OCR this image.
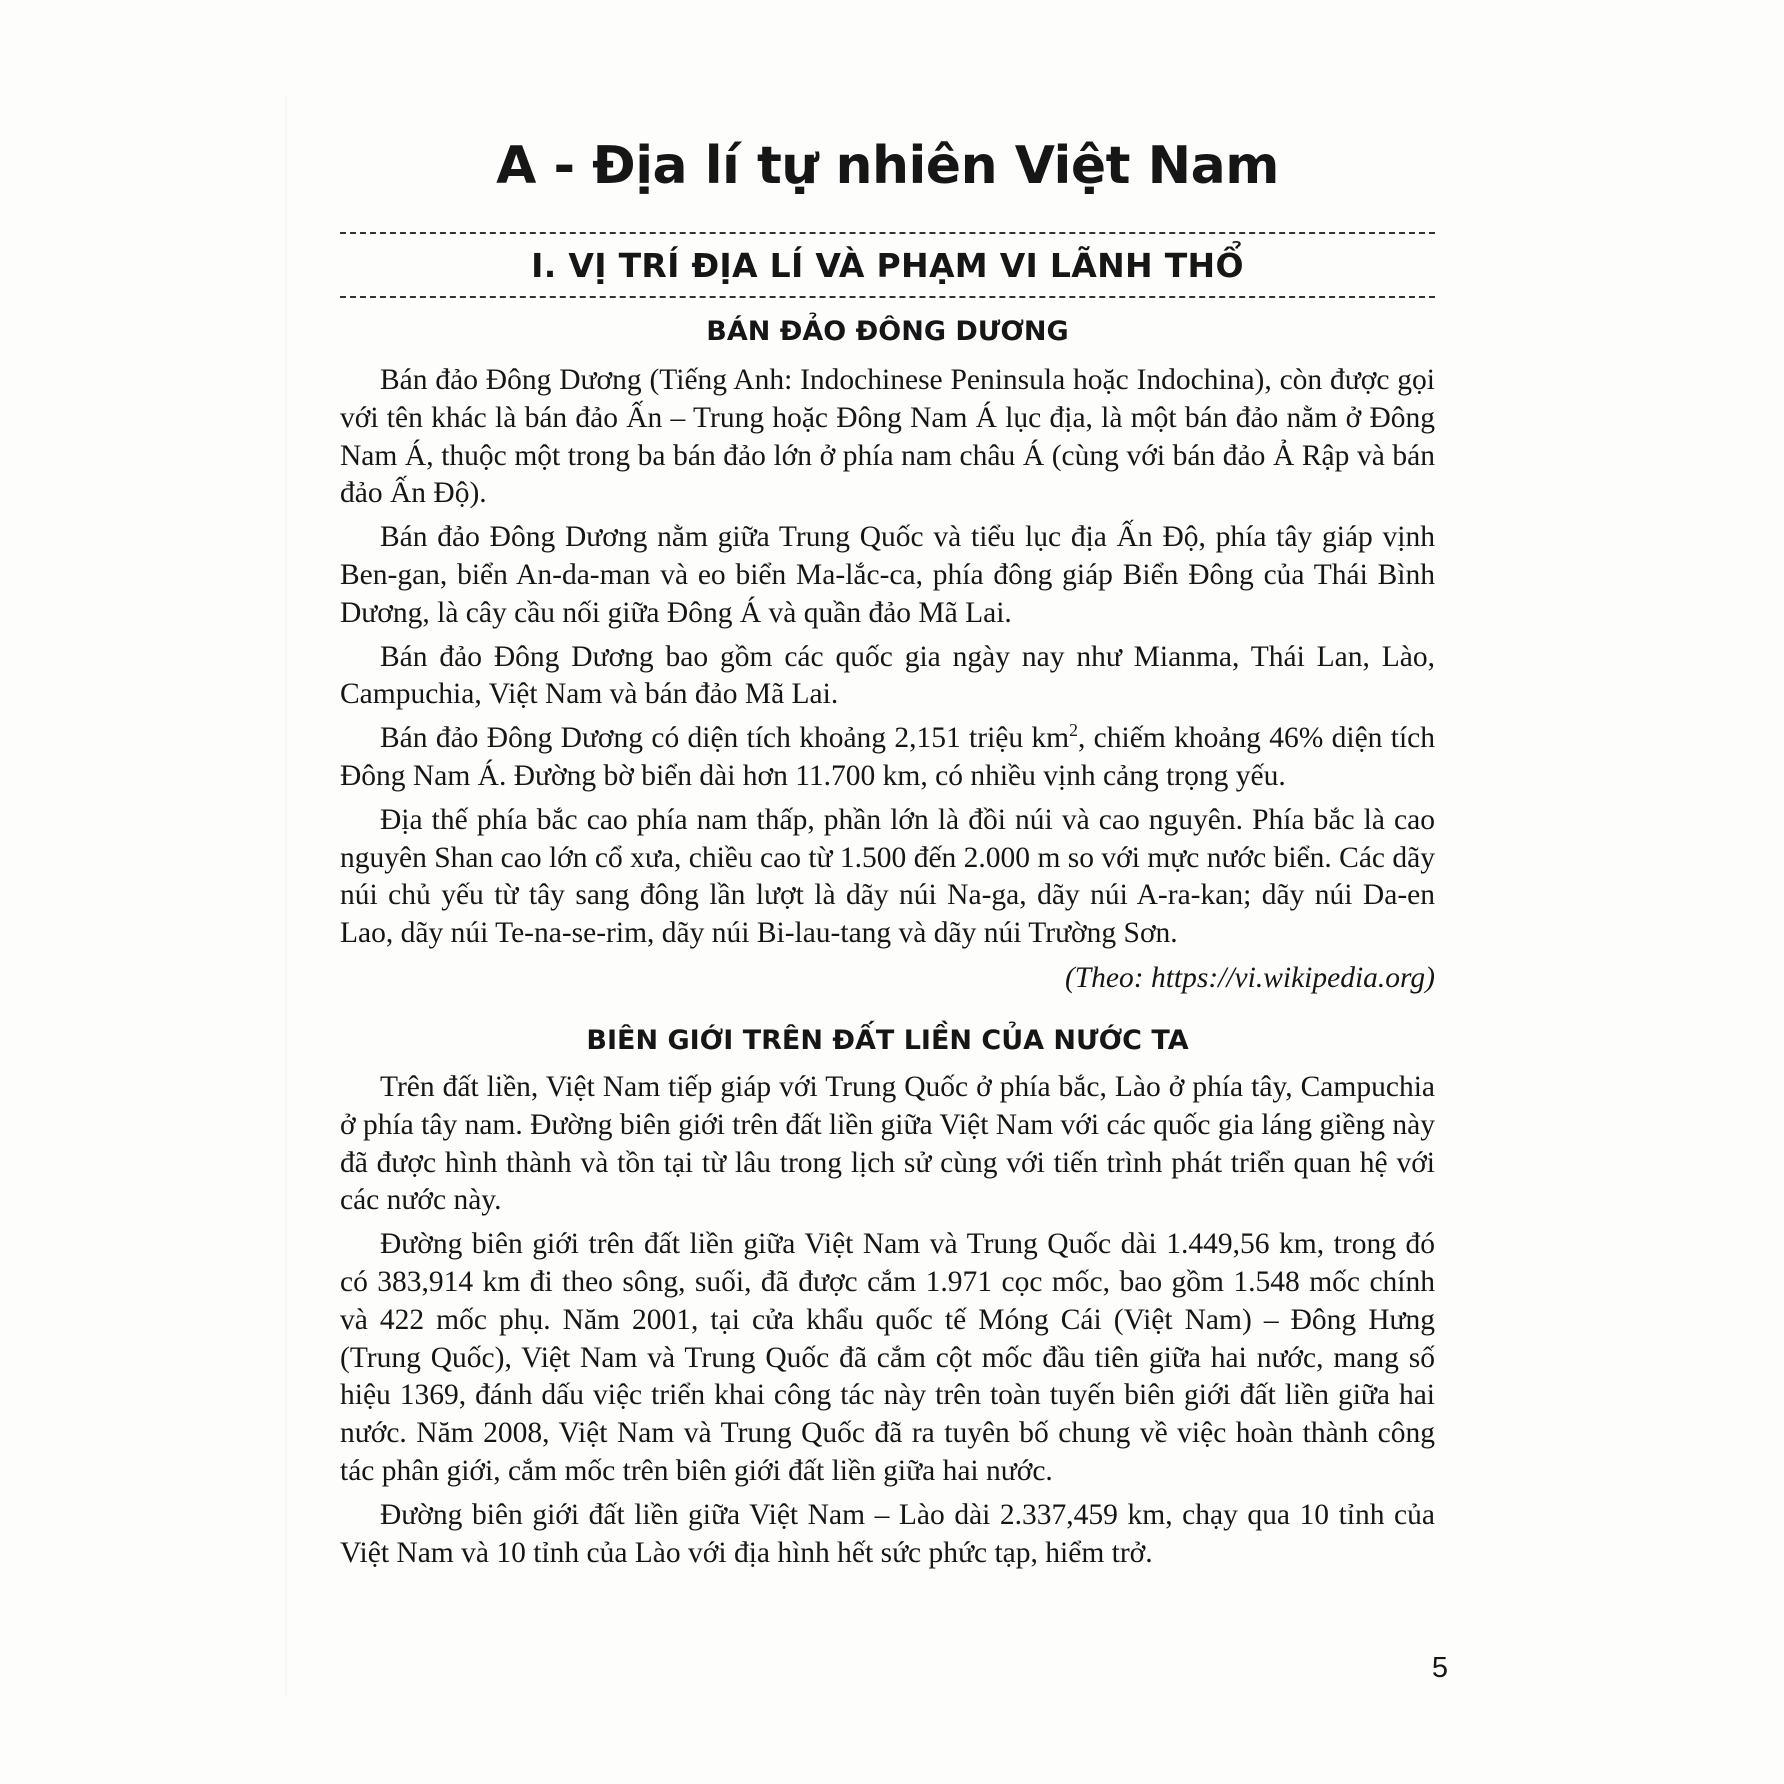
A - Địa lí tự nhiên Việt Nam
I. VỊ TRÍ ĐỊA LÍ VÀ PHẠM VI LÃNH THỔ
BÁN ĐẢO ĐÔNG DƯƠNG

Bán đảo Đông Dương (Tiếng Anh: Indochinese Peninsula hoặc Indochina), còn được gọi với tên khác là bán đảo Ấn – Trung hoặc Đông Nam Á lục địa, là một bán đảo nằm ở Đông Nam Á, thuộc một trong ba bán đảo lớn ở phía nam châu Á (cùng với bán đảo Ả Rập và bán đảo Ấn Độ).

Bán đảo Đông Dương nằm giữa Trung Quốc và tiểu lục địa Ấn Độ, phía tây giáp vịnh Ben-gan, biển An-da-man và eo biển Ma-lắc-ca, phía đông giáp Biển Đông của Thái Bình Dương, là cây cầu nối giữa Đông Á và quần đảo Mã Lai.

Bán đảo Đông Dương bao gồm các quốc gia ngày nay như Mianma, Thái Lan, Lào, Campuchia, Việt Nam và bán đảo Mã Lai.

Bán đảo Đông Dương có diện tích khoảng 2,151 triệu $km^2$, chiếm khoảng 46% diện tích Đông Nam Á. Đường bờ biển dài hơn 11.700 km, có nhiều vịnh cảng trọng yếu.

Địa thế phía bắc cao phía nam thấp, phần lớn là đồi núi và cao nguyên. Phía bắc là cao nguyên Shan cao lớn cổ xưa, chiều cao từ 1.500 đến 2.000 m so với mực nước biển. Các dãy núi chủ yếu từ tây sang đông lần lượt là dãy núi Na-ga, dãy núi A-ra-kan; dãy núi Da-en Lao, dãy núi Te-na-se-rim, dãy núi Bi-lau-tang và dãy núi Trường Sơn.

(Theo: https://vi.wikipedia.org)

BIÊN GIỚI TRÊN ĐẤT LIỀN CỦA NƯỚC TA

Trên đất liền, Việt Nam tiếp giáp với Trung Quốc ở phía bắc, Lào ở phía tây, Campuchia ở phía tây nam. Đường biên giới trên đất liền giữa Việt Nam với các quốc gia láng giềng này đã được hình thành và tồn tại từ lâu trong lịch sử cùng với tiến trình phát triển quan hệ với các nước này.

Đường biên giới trên đất liền giữa Việt Nam và Trung Quốc dài 1.449,56 km, trong đó có 383,914 km đi theo sông, suối, đã được cắm 1.971 cọc mốc, bao gồm 1.548 mốc chính và 422 mốc phụ. Năm 2001, tại cửa khẩu quốc tế Móng Cái (Việt Nam) – Đông Hưng (Trung Quốc), Việt Nam và Trung Quốc đã cắm cột mốc đầu tiên giữa hai nước, mang số hiệu 1369, đánh dấu việc triển khai công tác này trên toàn tuyến biên giới đất liền giữa hai nước. Năm 2008, Việt Nam và Trung Quốc đã ra tuyên bố chung về việc hoàn thành công tác phân giới, cắm mốc trên biên giới đất liền giữa hai nước.

Đường biên giới đất liền giữa Việt Nam – Lào dài 2.337,459 km, chạy qua 10 tỉnh của Việt Nam và 10 tỉnh của Lào với địa hình hết sức phức tạp, hiểm trở.

5
